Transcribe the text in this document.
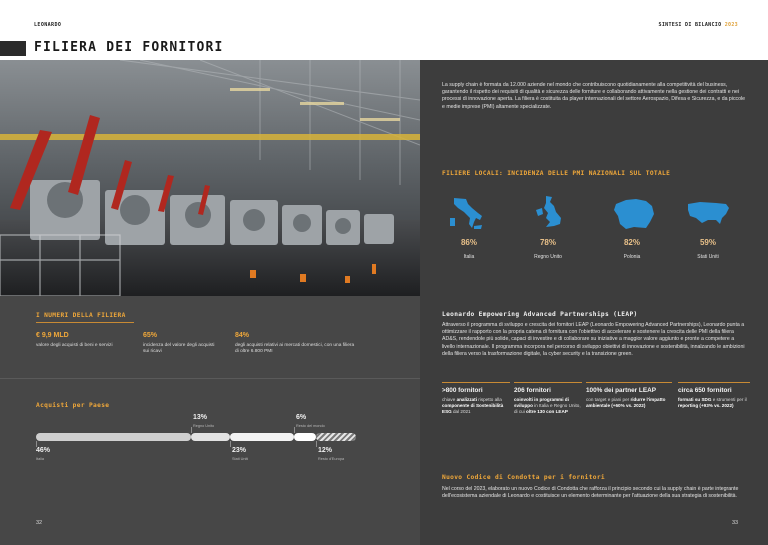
LEONARDO	SINTESI DI BILANCIO 2023
FILIERA DEI FORNITORI
La supply chain è formata da 12.000 aziende nel mondo che contribuiscono quotidianamente alla competitività del business, garantendo il rispetto dei requisiti di qualità e sicurezza delle forniture e collaborando attivamente nella gestione dei contratti e nei processi di innovazione aperta. La filiera è costituita da player internazionali del settore Aerospazio, Difesa e Sicurezza, e da piccole e medie imprese (PMI) altamente specializzate.
FILIERE LOCALI: INCIDENZA DELLE PMI NAZIONALI SUL TOTALE
86%	78%	82%	59%
Italia	Regno Unito	Polonia	Stati Uniti
I NUMERI DELLA FILIERA
€ 9,9 MLD
valore degli acquisti di beni e servizi
65%
incidenza del valore degli acquisti sui ricavi
84%
degli acquisti relativi ai mercati domestici, con una filiera di oltre 6.800 PMI
Acquisti per Paese
13%
Regno Unito
6%
Resto del mondo
46%
Italia
23%
Stati Uniti
12%
Resto d'Europa
Leonardo Empowering Advanced Partnerships (LEAP)
Attraverso il programma di sviluppo e crescita dei fornitori LEAP (Leonardo Empowering Advanced Partnerships), Leonardo punta a ottimizzare il rapporto con la propria catena di fornitura con l'obiettivo di accelerare e sostenere la crescita delle PMI della filiera AD&S, rendendole più solide, capaci di investire e di collaborare su iniziative a maggior valore aggiunto e pronte a competere a livello internazionale. Il programma incorpora nel percorso di sviluppo obiettivi di innovazione e sostenibilità, innalzando le ambizioni della filiera verso la trasformazione digitale, la cyber security e la transizione green.
>800 fornitori
chiave analizzati rispetto alla componente di Sostenibilità ESG dal 2021
206 fornitori
coinvolti in programmi di sviluppo in Italia e Regno Unito, di cui oltre 130 con LEAP
100% dei partner LEAP
con target e piani per ridurre l'impatto ambientale (+60% vs. 2022)
circa 650 fornitori
formati su SDG e strumenti per il reporting (+93% vs. 2022)
Nuovo Codice di Condotta per i fornitori
Nel corso del 2023, elaborato un nuovo Codice di Condotta che rafforza il principio secondo cui la supply chain è parte integrante dell'ecosistema aziendale di Leonardo e costituisce un elemento determinante per l'attuazione della sua strategia di sostenibilità.
32	33
